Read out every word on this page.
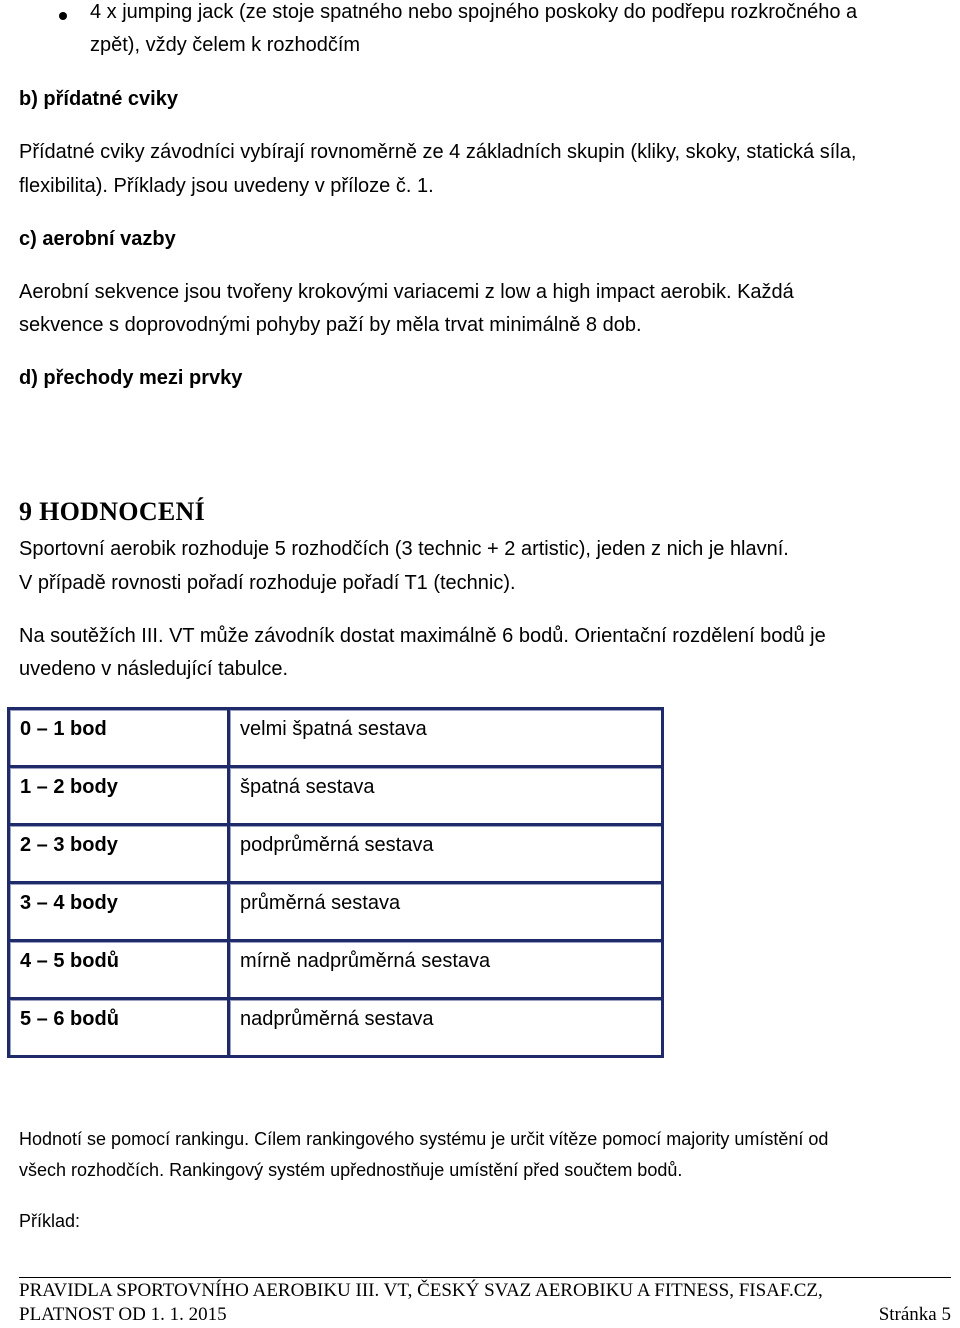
4 x jumping jack (ze stoje spatného nebo spojného poskoky do podřepu rozkročného a
zpět), vždy čelem k rozhodčím

b) přídatné cviky

Přídatné cviky závodníci vybírají rovnoměrně ze 4 základních skupin (kliky, skoky, statická síla,

flexibilita). Příklady jsou uvedeny v příloze č. 1.

c) aerobní vazby

Aerobní sekvence jsou tvořeny krokovými variacemi z low a high impact aerobik. Každá

sekvence s doprovodnými pohyby paží by měla trvat minimálně 8 dob.

d) přechody mezi prvky

9 HODNOCENÍ

Sportovní aerobik rozhoduje 5 rozhodčích (3 technic + 2 artistic), jeden z nich je hlavní.

V případě rovnosti pořadí rozhoduje pořadí T1 (technic).

Na soutěžích III. VT může závodník dostat maximálně 6 bodů. Orientační rozdělení bodů je

uvedeno v následující tabulce.

0 – 1 bod	velmi špatná sestava
1 – 2 body	špatná sestava
2 – 3 body	podprůměrná sestava
3 – 4 body	průměrná sestava
4 – 5 bodů	mírně nadprůměrná sestava
5 – 6 bodů	nadprůměrná sestava

Hodnotí se pomocí rankingu. Cílem rankingového systému je určit vítěze pomocí majority umístění od

všech rozhodčích. Rankingový systém upřednostňuje umístění před součtem bodů.

Příklad:

PRAVIDLA SPORTOVNÍHO AEROBIKU III. VT, ČESKÝ SVAZ AEROBIKU A FITNESS, FISAF.CZ,
PLATNOST OD 1. 1. 2015	Stránka 5
